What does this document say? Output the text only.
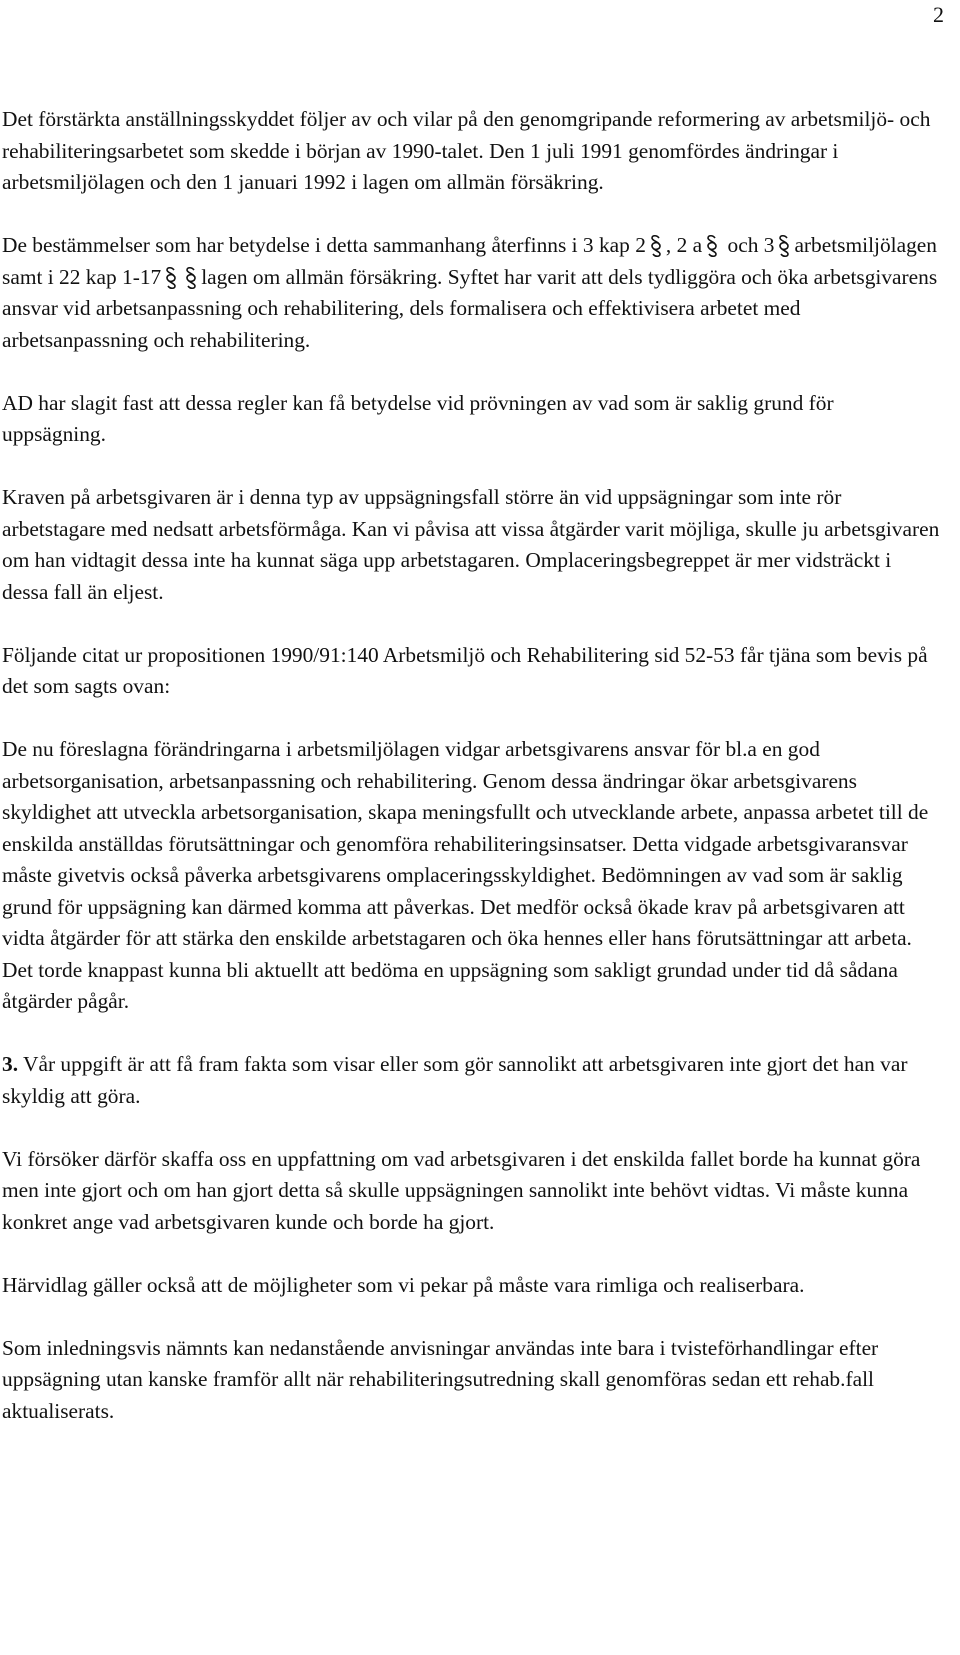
2

Det förstärkta anställningsskyddet följer av och vilar på den genomgripande reformering av arbetsmiljö- och rehabiliteringsarbetet som skedde i början av 1990-talet. Den 1 juli 1991 genomfördes ändringar i arbetsmiljölagen och den 1 januari 1992 i lagen om allmän försäkring.

De bestämmelser som har betydelse i detta sammanhang återfinns i 3 kap 2 , 2 a och 3 arbetsmiljölagen samt i 22 kap 1-17 lagen om allmän försäkring. Syftet har varit att dels tydliggöra och öka arbetsgivarens ansvar vid arbetsanpassning och rehabilitering, dels formalisera och effektivisera arbetet med arbetsanpassning och rehabilitering.

AD har slagit fast att dessa regler kan få betydelse vid prövningen av vad som är saklig grund för uppsägning.

Kraven på arbetsgivaren är i denna typ av uppsägningsfall större än vid uppsägningar som inte rör arbetstagare med nedsatt arbetsförmåga. Kan vi påvisa att vissa åtgärder varit möjliga, skulle ju arbetsgivaren om han vidtagit dessa inte ha kunnat säga upp arbetstagaren. Omplaceringsbegreppet är mer vidsträckt i dessa fall än eljest.

Följande citat ur propositionen 1990/91:140 Arbetsmiljö och Rehabilitering sid 52-53 får tjäna som bevis på det som sagts ovan:

De nu föreslagna förändringarna i arbetsmiljölagen vidgar arbetsgivarens ansvar för bl.a en god arbetsorganisation, arbetsanpassning och rehabilitering. Genom dessa ändringar ökar arbetsgivarens skyldighet att utveckla arbetsorganisation, skapa meningsfullt och utvecklande arbete, anpassa arbetet till de enskilda anställdas förutsättningar och genomföra rehabiliteringsinsatser. Detta vidgade arbetsgivaransvar måste givetvis också påverka arbetsgivarens omplaceringsskyldighet. Bedömningen av vad som är saklig grund för uppsägning kan därmed komma att påverkas. Det medför också ökade krav på arbetsgivaren att vidta åtgärder för att stärka den enskilde arbetstagaren och öka hennes eller hans förutsättningar att arbeta. Det torde knappast kunna bli aktuellt att bedöma en uppsägning som sakligt grundad under tid då sådana åtgärder pågår.

3. Vår uppgift är att få fram fakta som visar eller som gör sannolikt att arbetsgivaren inte gjort det han var skyldig att göra.

Vi försöker därför skaffa oss en uppfattning om vad arbetsgivaren i det enskilda fallet borde ha kunnat göra men inte gjort och om han gjort detta så skulle uppsägningen sannolikt inte behövt vidtas. Vi måste kunna konkret ange vad arbetsgivaren kunde och borde ha gjort.

Härvidlag gäller också att de möjligheter som vi pekar på måste vara rimliga och realiserbara.

Som inledningsvis nämnts kan nedanstående anvisningar användas inte bara i tvisteförhandlingar efter uppsägning utan kanske framför allt när rehabiliteringsutredning skall genomföras sedan ett rehab.fall aktualiserats.
